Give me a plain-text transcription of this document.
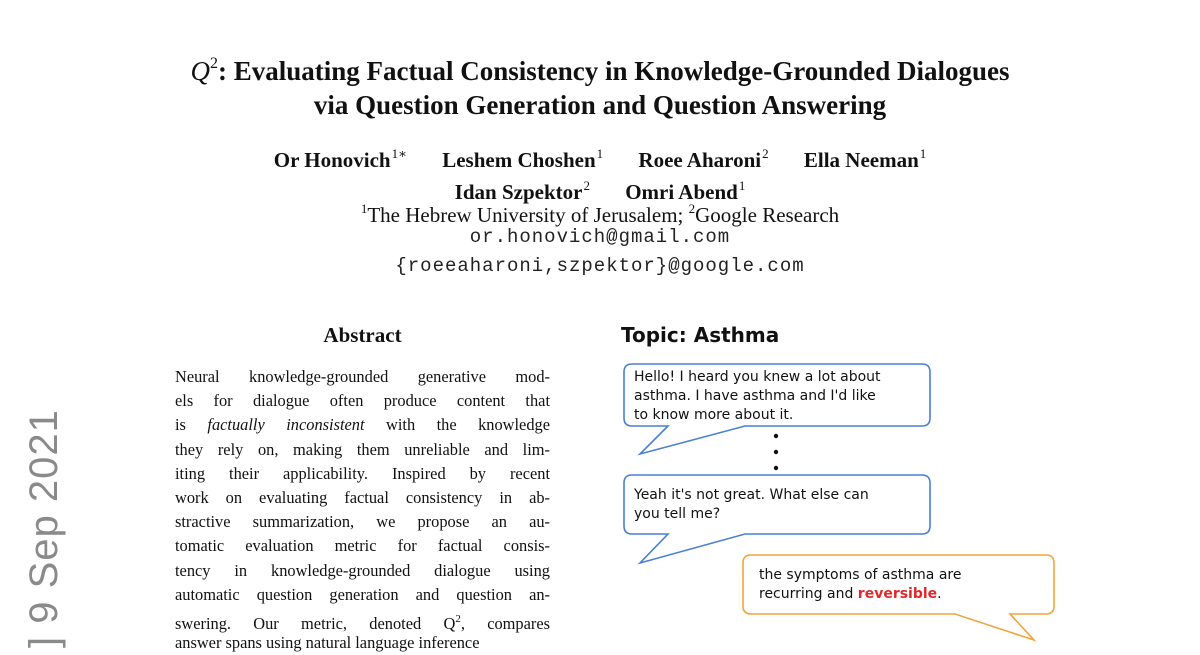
] 9 Sep 2021
$Q^2$: Evaluating Factual Consistency in Knowledge-Grounded Dialogues
via Question Generation and Question Answering
Or Honovich$^{1∗}$ Leshem Choshen$^1$ Roee Aharoni$^2$ Ella Neeman$^1$
Idan Szpektor$^2$ Omri Abend$^1$
$^1$The Hebrew University of Jerusalem; $^2$Google Research
or.honovich@gmail.com
{roeeaharoni,szpektor}@google.com
Abstract
Neural knowledge-grounded generative mod-
els for dialogue often produce content that
is factually inconsistent with the knowledge
they rely on, making them unreliable and lim-
iting their applicability. Inspired by recent
work on evaluating factual consistency in ab-
stractive summarization, we propose an au-
tomatic evaluation metric for factual consis-
tency in knowledge-grounded dialogue using
automatic question generation and question an-
swering. Our metric, denoted $Q^2$, compares
answer spans using natural language inference
Topic: Asthma
Hello! I heard you knew a lot about
asthma. I have asthma and I'd like
to know more about it.
Yeah it's not great. What else can
you tell me?
the symptoms of asthma are
recurring and reversible.
